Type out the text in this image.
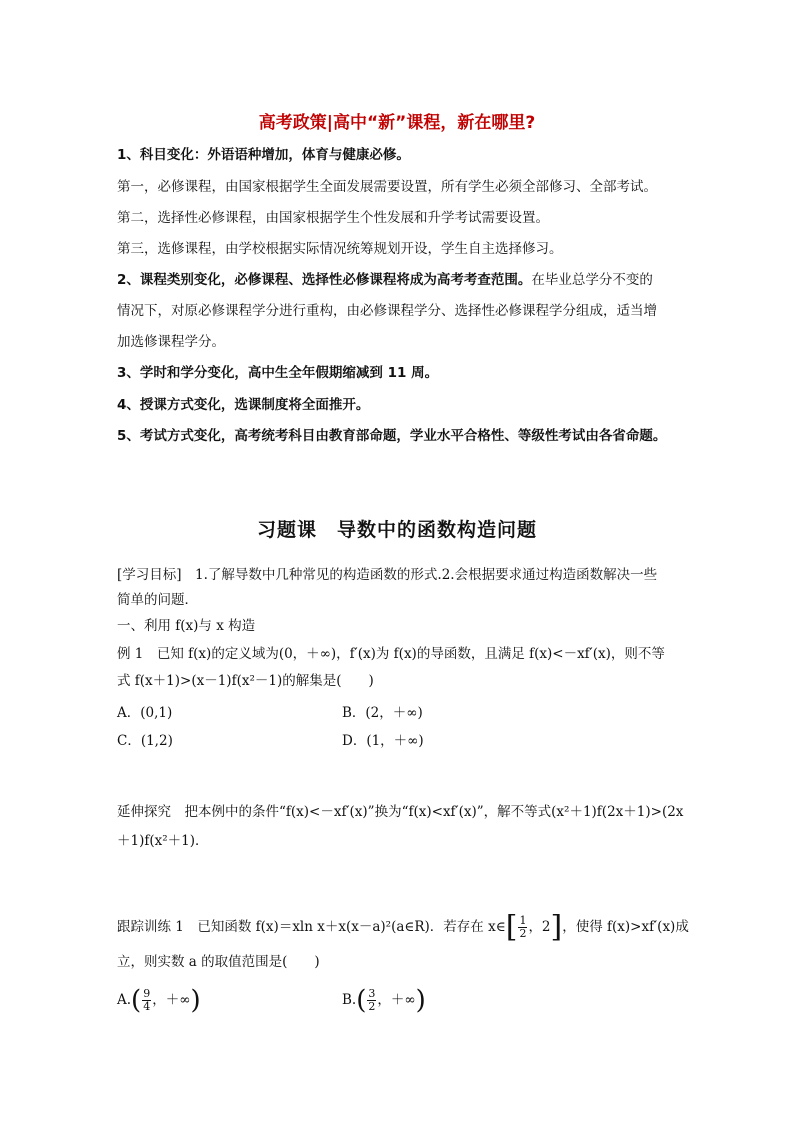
高考政策|高中“新”课程，新在哪里?
1、科目变化：外语语种增加，体育与健康必修。
第一，必修课程，由国家根据学生全面发展需要设置，所有学生必须全部修习、全部考试。
第二，选择性必修课程，由国家根据学生个性发展和升学考试需要设置。
第三，选修课程，由学校根据实际情况统筹规划开设，学生自主选择修习。
2、课程类别变化，必修课程、选择性必修课程将成为高考考查范围。在毕业总学分不变的
情况下，对原必修课程学分进行重构，由必修课程学分、选择性必修课程学分组成，适当增
加选修课程学分。
3、学时和学分变化，高中生全年假期缩减到 11 周。
4、授课方式变化，选课制度将全面推开。
5、考试方式变化，高考统考科目由教育部命题，学业水平合格性、等级性考试由各省命题。
习题课　导数中的函数构造问题
[学习目标]　1.了解导数中几种常见的构造函数的形式.2.会根据要求通过构造函数解决一些
简单的问题．
一、利用 f(x)与 x 构造
例 1　已知 f(x)的定义域为(0，＋∞)，f′(x)为 f(x)的导函数，且满足 f(x)<－xf′(x)，则不等
式 f(x＋1)>(x－1)f(x²－1)的解集是(　　)
A．(0,1)	B．(2，＋∞)
C．(1,2)	D．(1，＋∞)
延伸探究　把本例中的条件“f(x)<－xf′(x)”换为“f(x)<xf′(x)”，解不等式(x²＋1)f(2x＋1)>(2x
＋1)f(x²＋1)．
跟踪训练 1　已知函数 f(x)＝xln x＋x(x－a)²(a∈R)．若存在 x∈[ $\frac{1}{2}$ ，2]，使得 f(x)>xf′(x)成
立，则实数 a 的取值范围是(　　)
$A.( \frac{9}{4}$ ，＋∞)	$B.( \frac{3}{2}$ ，＋∞)
